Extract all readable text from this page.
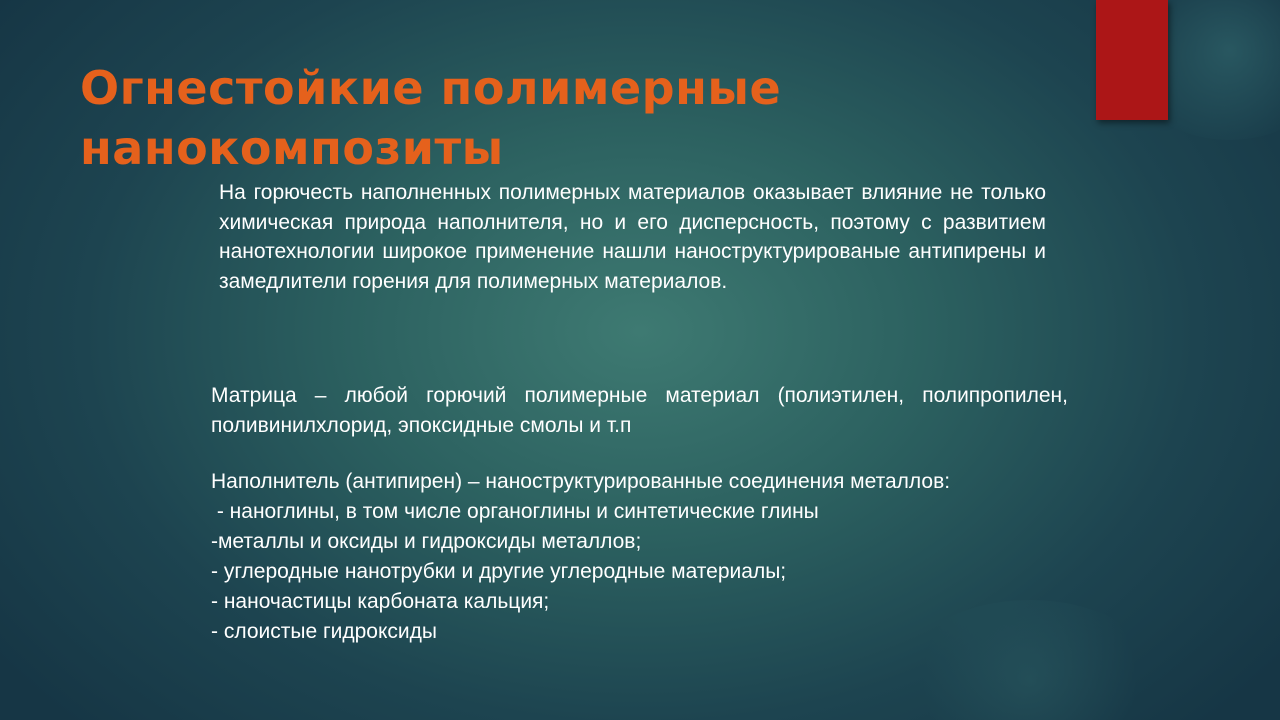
Огнестойкие полимерные
нанокомпозиты

На горючесть наполненных полимерных материалов оказывает влияние не только химическая природа наполнителя, но и его дисперсность, поэтому с развитием нанотехнологии широкое применение нашли наноструктурированые антипирены и замедлители горения для полимерных материалов.

Матрица – любой горючий полимерные материал (полиэтилен, полипропилен, поливинилхлорид, эпоксидные смолы и т.п

Наполнитель (антипирен) – наноструктурированные соединения металлов:
- наноглины, в том числе органоглины и синтетические глины
-металлы и оксиды и гидроксиды металлов;
- углеродные нанотрубки и другие углеродные материалы;
- наночастицы карбоната кальция;
- слоистые гидроксиды
